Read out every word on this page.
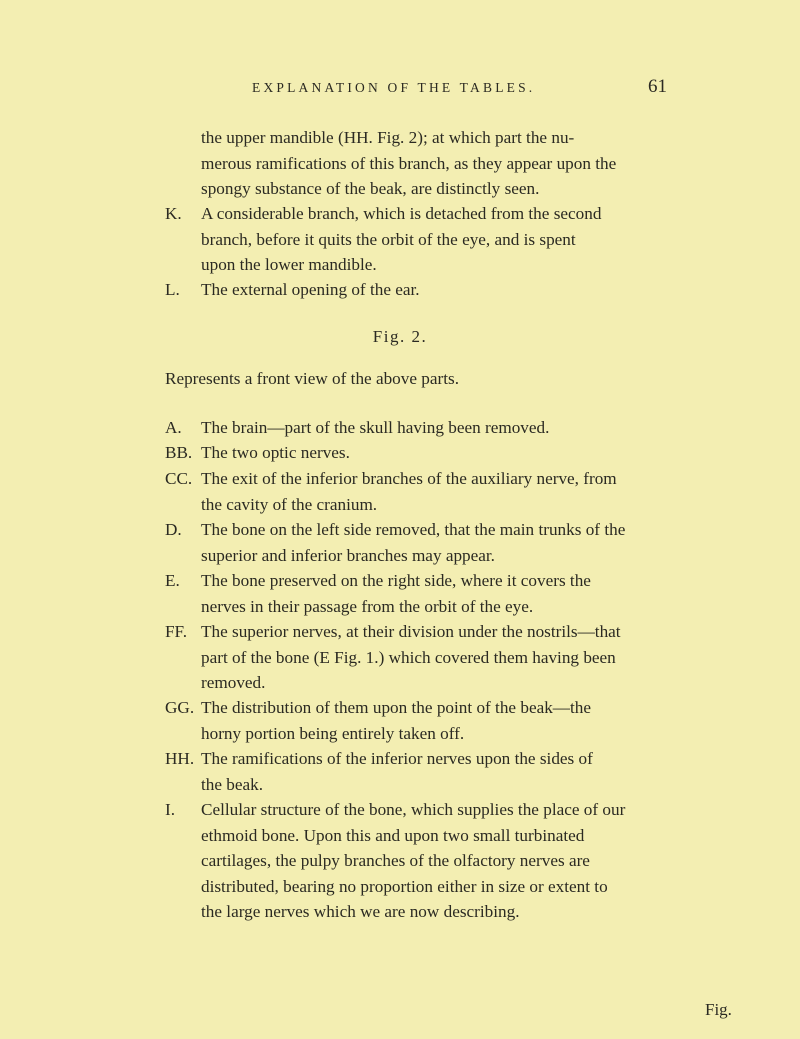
EXPLANATION OF THE TABLES.	61
the upper mandible (HH. Fig. 2); at which part the nu-
merous ramifications of this branch, as they appear upon the
spongy substance of the beak, are distinctly seen.
K. A considerable branch, which is detached from the second
branch, before it quits the orbit of the eye, and is spent
upon the lower mandible.
L. The external opening of the ear.
Fig. 2.
Represents a front view of the above parts.
A. The brain—part of the skull having been removed.
BB. The two optic nerves.
CC. The exit of the inferior branches of the auxiliary nerve, from
the cavity of the cranium.
D. The bone on the left side removed, that the main trunks of the
superior and inferior branches may appear.
E. The bone preserved on the right side, where it covers the
nerves in their passage from the orbit of the eye.
FF. The superior nerves, at their division under the nostrils—that
part of the bone (E Fig. 1.) which covered them having been
removed.
GG. The distribution of them upon the point of the beak—the
horny portion being entirely taken off.
HH. The ramifications of the inferior nerves upon the sides of
the beak.
I. Cellular structure of the bone, which supplies the place of our
ethmoid bone. Upon this and upon two small turbinated
cartilages, the pulpy branches of the olfactory nerves are
distributed, bearing no proportion either in size or extent to
the large nerves which we are now describing.
Fig.
